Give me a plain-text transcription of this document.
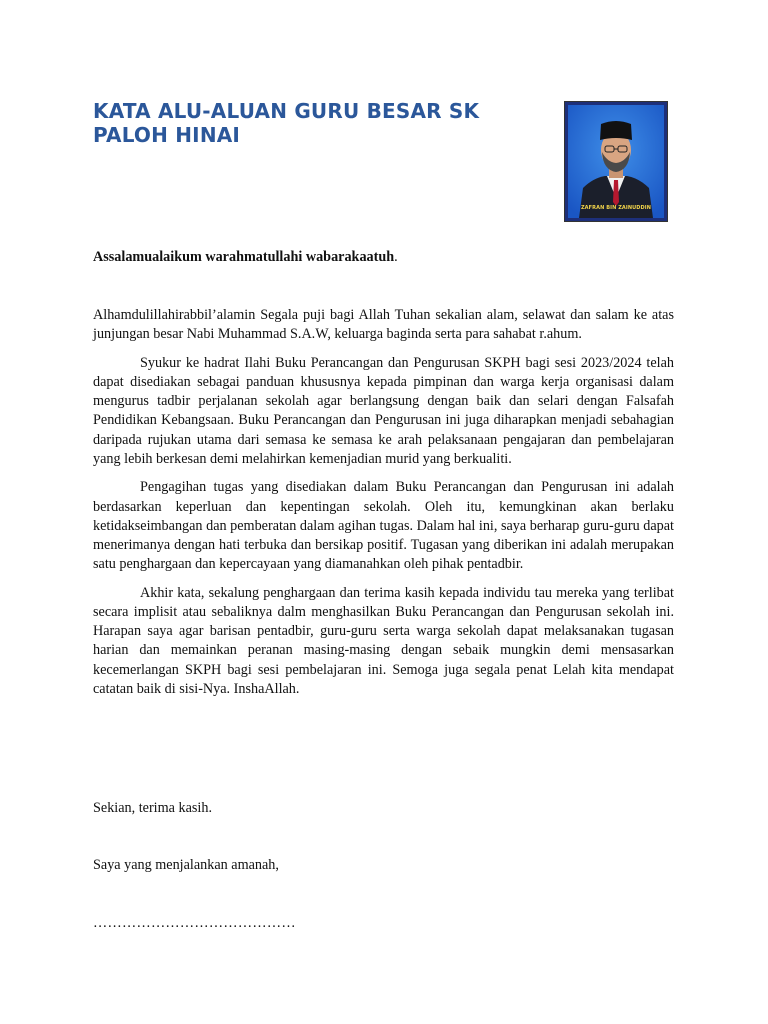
KATA ALU-ALUAN GURU BESAR SK PALOH HINAI
ZAFRAN BIN ZAINUDDIN
Assalamualaikum warahmatullahi wabarakaatuh.

Alhamdulillahirabbil’alamin Segala puji bagi Allah Tuhan sekalian alam, selawat dan salam ke atas junjungan besar Nabi Muhammad S.A.W, keluarga baginda serta para sahabat r.ahum.

Syukur ke hadrat Ilahi Buku Perancangan dan Pengurusan SKPH bagi sesi 2023/2024 telah dapat disediakan sebagai panduan khususnya kepada pimpinan dan warga kerja organisasi dalam mengurus tadbir perjalanan sekolah agar berlangsung dengan baik dan selari dengan Falsafah Pendidikan Kebangsaan. Buku Perancangan dan Pengurusan ini juga diharapkan menjadi sebahagian daripada rujukan utama dari semasa ke semasa ke arah pelaksanaan pengajaran dan pembelajaran yang lebih berkesan demi melahirkan kemenjadian murid yang berkualiti.

Pengagihan tugas yang disediakan dalam Buku Perancangan dan Pengurusan ini adalah berdasarkan keperluan dan kepentingan sekolah. Oleh itu, kemungkinan akan berlaku ketidakseimbangan dan pemberatan dalam agihan tugas. Dalam hal ini, saya berharap guru-guru dapat menerimanya dengan hati terbuka dan bersikap positif. Tugasan yang diberikan ini adalah merupakan satu penghargaan dan kepercayaan yang diamanahkan oleh pihak pentadbir.

Akhir kata, sekalung penghargaan dan terima kasih kepada individu tau mereka yang terlibat secara implisit atau sebaliknya dalm menghasilkan Buku Perancangan dan Pengurusan sekolah ini. Harapan saya agar barisan pentadbir, guru-guru serta warga sekolah dapat melaksanakan tugasan harian dan memainkan peranan masing-masing dengan sebaik mungkin demi mensasarkan kecemerlangan SKPH bagi sesi pembelajaran ini. Semoga juga segala penat Lelah kita mendapat catatan baik di sisi-Nya. InshaAllah.

Sekian, terima kasih.
Saya yang menjalankan amanah,
……………………………………
